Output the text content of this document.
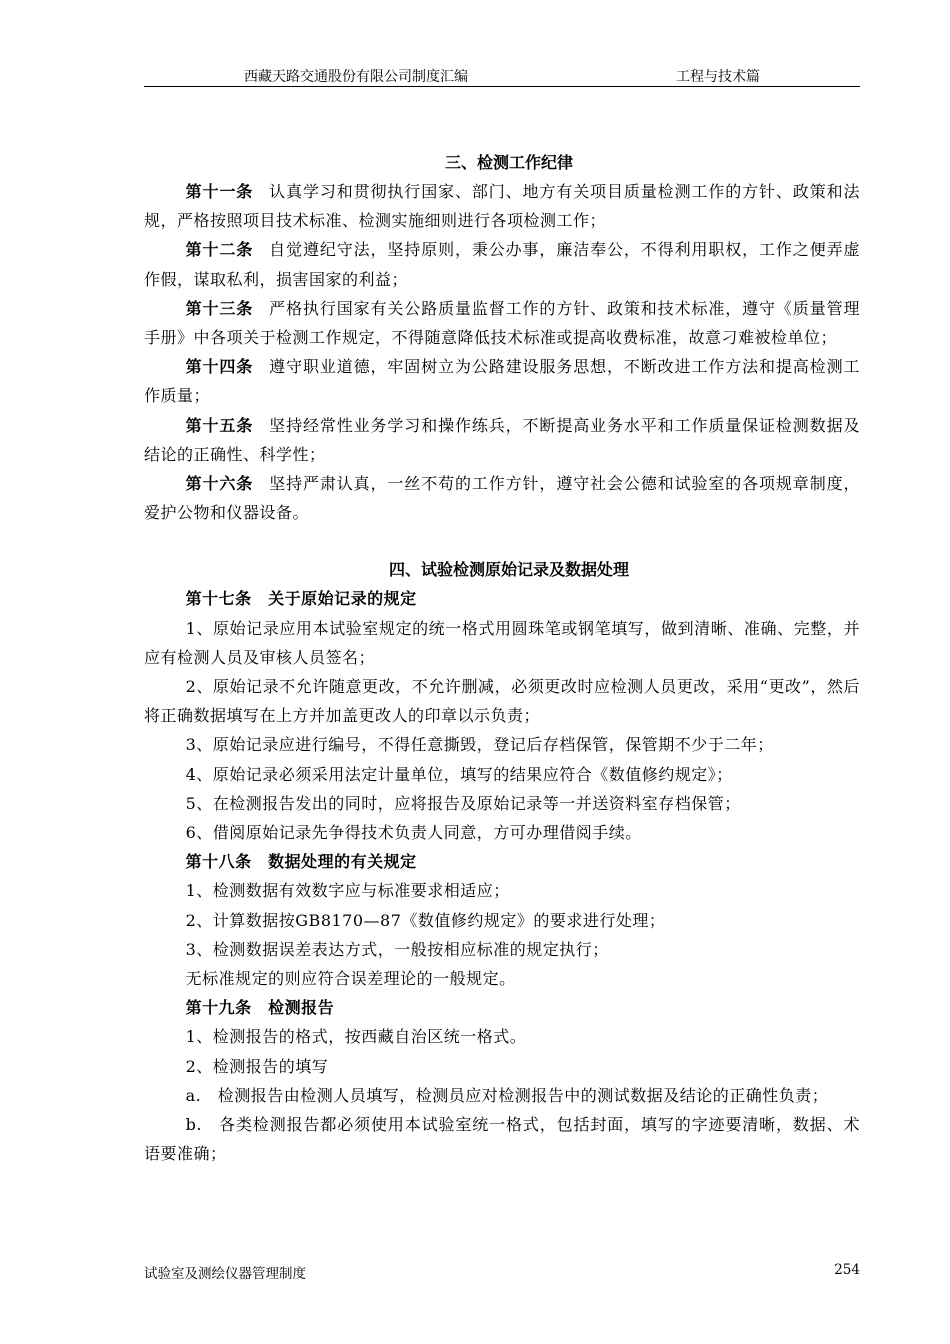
西藏天路交通股份有限公司制度汇编	工程与技术篇
三、检测工作纪律

第十一条 认真学习和贯彻执行国家、部门、地方有关项目质量检测工作的方针、政策和法规，严格按照项目技术标准、检测实施细则进行各项检测工作；

第十二条 自觉遵纪守法，坚持原则，秉公办事，廉洁奉公，不得利用职权，工作之便弄虚作假，谋取私利，损害国家的利益；

第十三条 严格执行国家有关公路质量监督工作的方针、政策和技术标准，遵守《质量管理手册》中各项关于检测工作规定，不得随意降低技术标准或提高收费标准，故意刁难被检单位；

第十四条 遵守职业道德，牢固树立为公路建设服务思想，不断改进工作方法和提高检测工作质量；

第十五条 坚持经常性业务学习和操作练兵，不断提高业务水平和工作质量保证检测数据及结论的正确性、科学性；

第十六条 坚持严肃认真，一丝不苟的工作方针，遵守社会公德和试验室的各项规章制度，爱护公物和仪器设备。

四、试验检测原始记录及数据处理

第十七条　关于原始记录的规定

1、原始记录应用本试验室规定的统一格式用圆珠笔或钢笔填写，做到清晰、准确、完整，并应有检测人员及审核人员签名；

2、原始记录不允许随意更改，不允许删减，必须更改时应检测人员更改，采用“更改”，然后将正确数据填写在上方并加盖更改人的印章以示负责；

3、原始记录应进行编号，不得任意撕毁，登记后存档保管，保管期不少于二年；

4、原始记录必须采用法定计量单位，填写的结果应符合《数值修约规定》；

5、在检测报告发出的同时，应将报告及原始记录等一并送资料室存档保管；

6、借阅原始记录先争得技术负责人同意，方可办理借阅手续。

第十八条　数据处理的有关规定

1、检测数据有效数字应与标准要求相适应；

2、计算数据按GB8170—87《数值修约规定》的要求进行处理；

3、检测数据误差表达方式，一般按相应标准的规定执行；

无标准规定的则应符合误差理论的一般规定。

第十九条　检测报告

1、检测报告的格式，按西藏自治区统一格式。

2、检测报告的填写

a.　检测报告由检测人员填写，检测员应对检测报告中的测试数据及结论的正确性负责；

b.　各类检测报告都必须使用本试验室统一格式，包括封面，填写的字迹要清晰，数据、术语要准确；

试验室及测绘仪器管理制度	254
